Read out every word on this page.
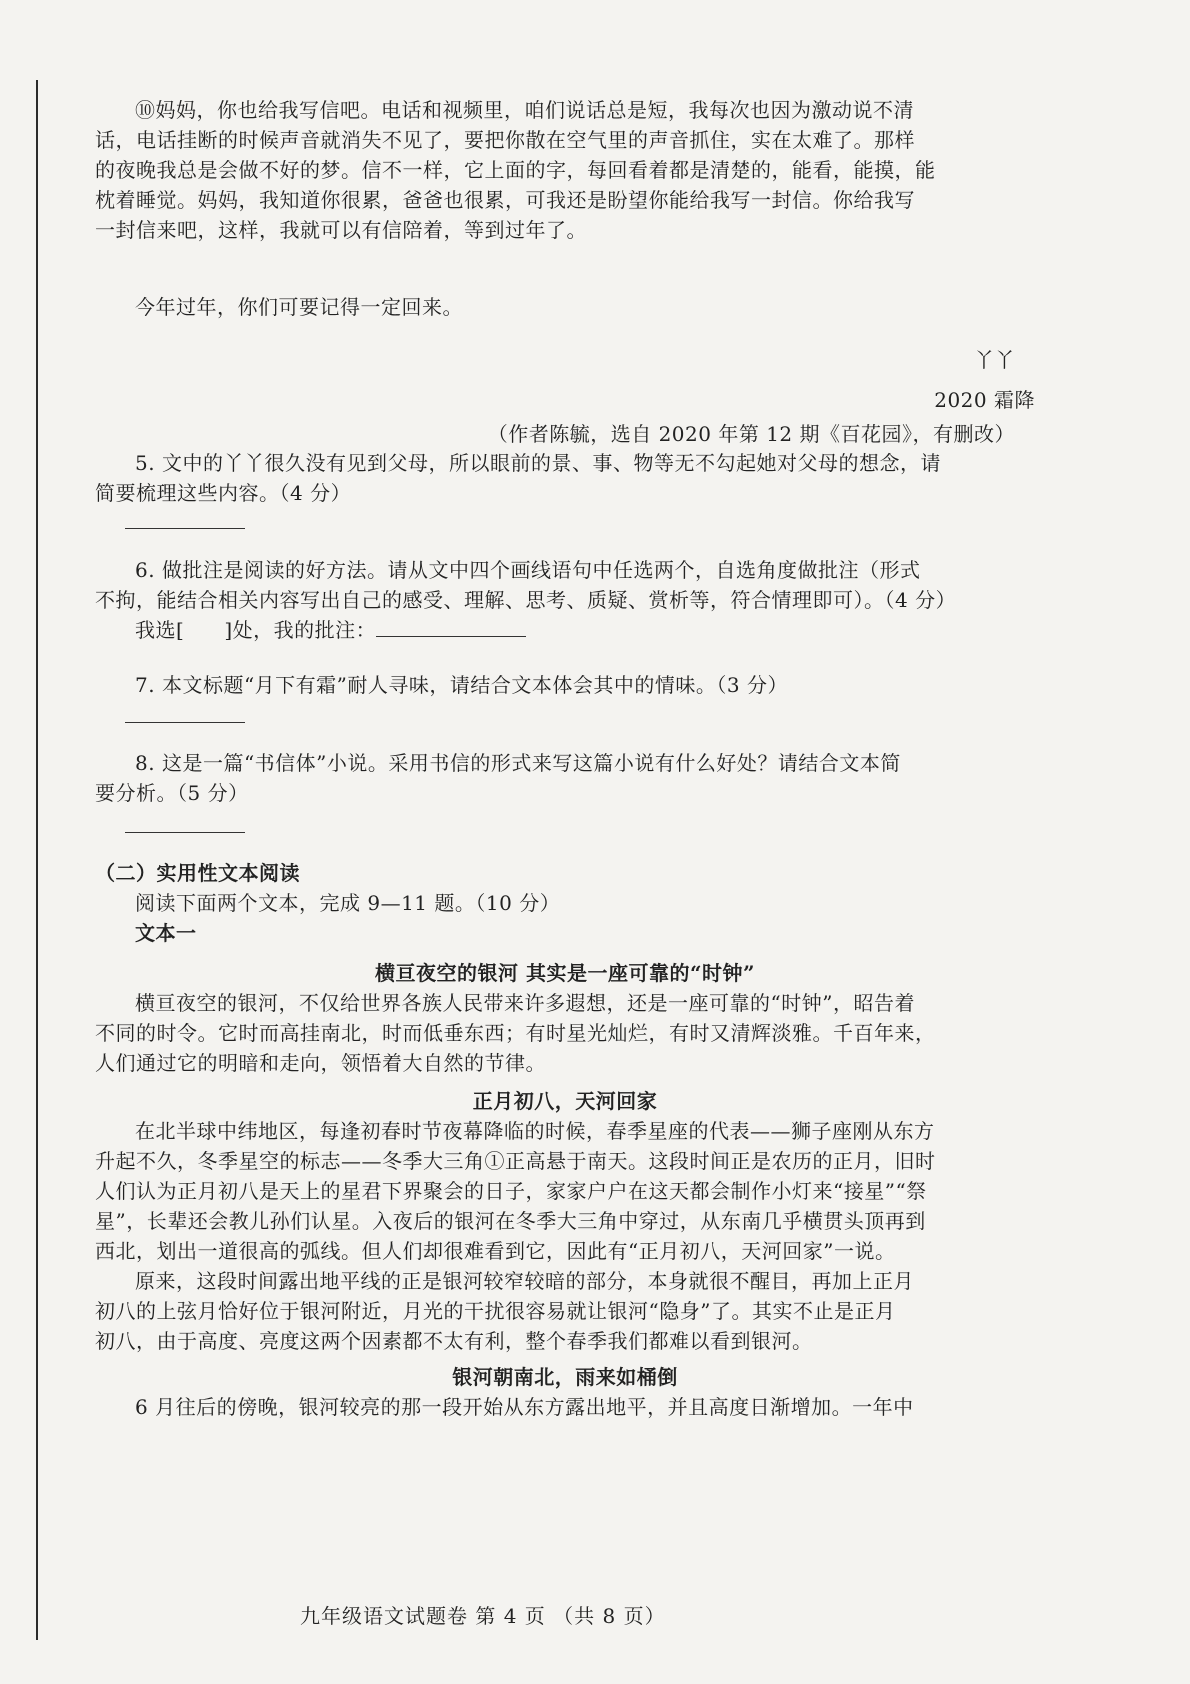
⑩妈妈，你也给我写信吧。电话和视频里，咱们说话总是短，我每次也因为激动说不清
话，电话挂断的时候声音就消失不见了，要把你散在空气里的声音抓住，实在太难了。那样
的夜晚我总是会做不好的梦。信不一样，它上面的字，每回看着都是清楚的，能看，能摸，能
枕着睡觉。妈妈，我知道你很累，爸爸也很累，可我还是盼望你能给我写一封信。你给我写
一封信来吧，这样，我就可以有信陪着，等到过年了。
今年过年，你们可要记得一定回来。
丫丫
2020 霜降
（作者陈毓，选自 2020 年第 12 期《百花园》，有删改）
5. 文中的丫丫很久没有见到父母，所以眼前的景、事、物等无不勾起她对父母的想念，请
简要梳理这些内容。（4 分）
6. 做批注是阅读的好方法。请从文中四个画线语句中任选两个，自选角度做批注（形式
不拘，能结合相关内容写出自己的感受、理解、思考、质疑、赏析等，符合情理即可）。（4 分）
我选[ ]处，我的批注：
7. 本文标题“月下有霜”耐人寻味，请结合文本体会其中的情味。（3 分）
8. 这是一篇“书信体”小说。采用书信的形式来写这篇小说有什么好处？请结合文本简
要分析。（5 分）
（二）实用性文本阅读
阅读下面两个文本，完成 9—11 题。（10 分）
文本一
横亘夜空的银河 其实是一座可靠的“时钟”
横亘夜空的银河，不仅给世界各族人民带来许多遐想，还是一座可靠的“时钟”，昭告着
不同的时令。它时而高挂南北，时而低垂东西；有时星光灿烂，有时又清辉淡雅。千百年来，
人们通过它的明暗和走向，领悟着大自然的节律。
正月初八，天河回家
在北半球中纬地区，每逢初春时节夜幕降临的时候，春季星座的代表——狮子座刚从东方
升起不久，冬季星空的标志——冬季大三角①正高悬于南天。这段时间正是农历的正月，旧时
人们认为正月初八是天上的星君下界聚会的日子，家家户户在这天都会制作小灯来“接星”“祭
星”，长辈还会教儿孙们认星。入夜后的银河在冬季大三角中穿过，从东南几乎横贯头顶再到
西北，划出一道很高的弧线。但人们却很难看到它，因此有“正月初八，天河回家”一说。
原来，这段时间露出地平线的正是银河较窄较暗的部分，本身就很不醒目，再加上正月
初八的上弦月恰好位于银河附近，月光的干扰很容易就让银河“隐身”了。其实不止是正月
初八，由于高度、亮度这两个因素都不太有利，整个春季我们都难以看到银河。
银河朝南北，雨来如桶倒
6 月往后的傍晚，银河较亮的那一段开始从东方露出地平，并且高度日渐增加。一年中
九年级语文试题卷 第 4 页 （共 8 页）
